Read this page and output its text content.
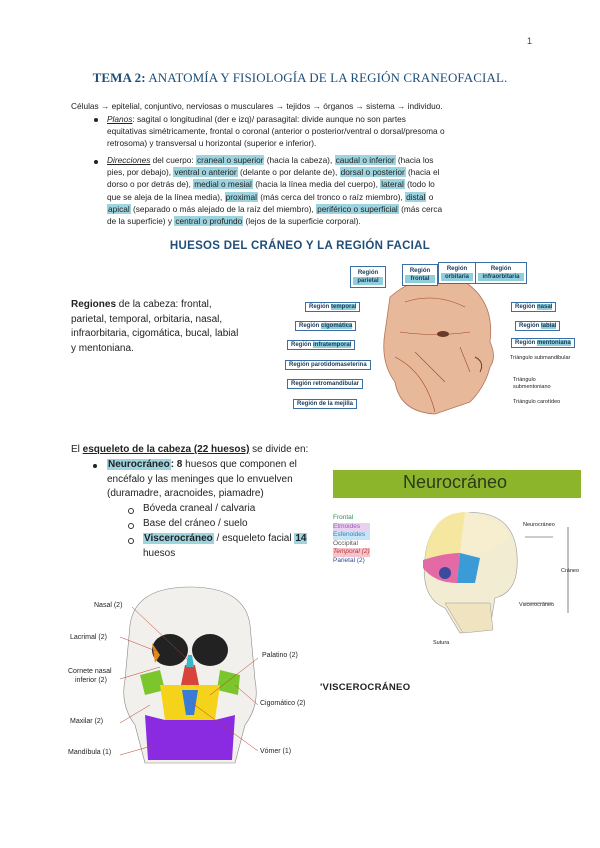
1
TEMA 2: ANATOMÍA Y FISIOLOGÍA DE LA REGIÓN CRANEOFACIAL.
Células → epitelial, conjuntivo, nerviosas o musculares → tejidos → órganos → sistema → individuo.
Planos: sagital o longitudinal (der e izq)/ parasagital: divide aunque no son partes
equitativas simétricamente, frontal o coronal (anterior o posterior/ventral o dorsal/presoma o
retrosoma) y transversal u horizontal (superior e inferior).
Direcciones del cuerpo: craneal o superior (hacia la cabeza), caudal o inferior (hacia los
pies, por debajo), ventral o anterior (delante o por delante de), dorsal o posterior (hacia el
dorso o por detrás de), medial o mesial (hacia la línea media del cuerpo), lateral (todo lo
que se aleja de la línea media), proximal (más cerca del tronco o raíz miembro), distal o
apical (separado o más alejado de la raíz del miembro), periférico o superficial (más cerca
de la superficie) y central o profundo (lejos de la superficie corporal).
HUESOS DEL CRÁNEO Y LA REGIÓN FACIAL
Regiones de la cabeza: frontal,
parietal, temporal, orbitaria, nasal,
infraorbitaria, cigomática, bucal, labial
y mentoniana.
Región
parietal
Región
frontal
Región
orbitaria
Región
infraorbitaria
Región temporal
Región cigomática
Región infratemporal
Región parotidomaseterina
Región retromandibular
Región de la mejilla
Región nasal
Región labial
Región mentoniana
Triángulo submandibular
Triángulo submentoniano
Triángulo carotídeo
El esqueleto de la cabeza (22 huesos) se divide en:
Neurocráneo: 8 huesos que componen el
encéfalo y las meninges que lo envuelven
(duramadre, aracnoides, piamadre)
Bóveda craneal / calvaria
Base del cráneo / suelo
Viscerocráneo / esqueleto facial 14
huesos
Neurocráneo
Frontal
Etmoides
Esfenoides
Occipital
Temporal (2)
Parietal (2)
Neurocráneo
Cráneo
Viscerocráneo
Sutura
Nasal (2)
Lacrimal (2)
Cornete nasal
inferior (2)
Maxilar (2)
Mandíbula (1)
Palatino (2)
Cigomático (2)
Vómer (1)
'VISCEROCRÁNEO
